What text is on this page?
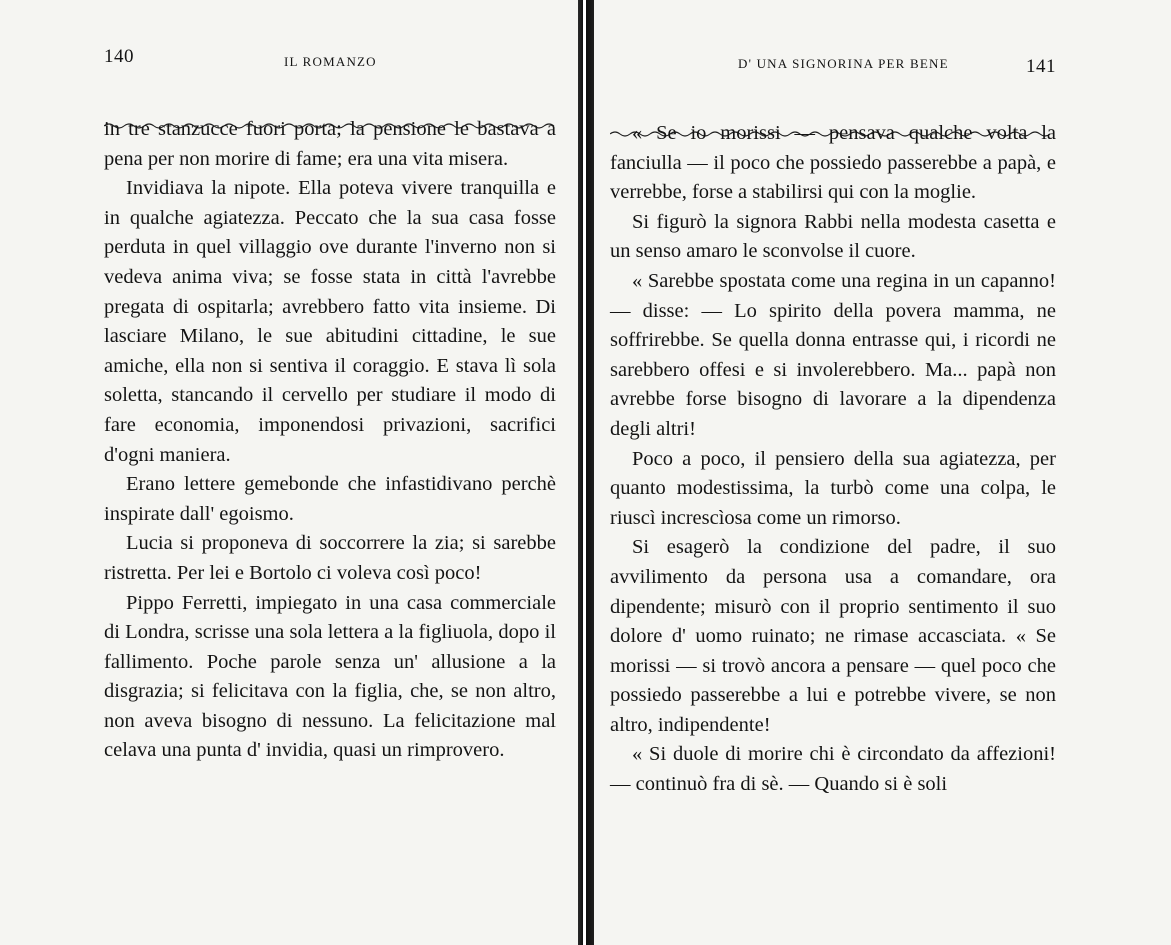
140	IL ROMANZO

in tre stanzucce fuori porta; la pensione le bastava a pena per non morire di fame; era una vita misera.

Invidiava la nipote. Ella poteva vivere tranquilla e in qualche agiatezza. Peccato che la sua casa fosse perduta in quel villaggio ove durante l'inverno non si vedeva anima viva; se fosse stata in città l'avrebbe pregata di ospitarla; avrebbero fatto vita insieme. Di lasciare Milano, le sue abitudini cittadine, le sue amiche, ella non si sentiva il coraggio. E stava lì sola soletta, stancando il cervello per studiare il modo di fare economia, imponendosi privazioni, sacrifici d'ogni maniera.

Erano lettere gemebonde che infastidivano perchè inspirate dall' egoismo.

Lucia si proponeva di soccorrere la zia; si sarebbe ristretta. Per lei e Bortolo ci voleva così poco!

Pippo Ferretti, impiegato in una casa commerciale di Londra, scrisse una sola lettera a la figliuola, dopo il fallimento. Poche parole senza un' allusione a la disgrazia; si felicitava con la figlia, che, se non altro, non aveva bisogno di nessuno. La felicitazione mal celava una punta d' invidia, quasi un rimprovero.

D' UNA SIGNORINA PER BENE	141

« Se io morissi — pensava qualche volta la fanciulla — il poco che possiedo passerebbe a papà, e verrebbe, forse a stabilirsi qui con la moglie.

Si figurò la signora Rabbi nella modesta casetta e un senso amaro le sconvolse il cuore.

« Sarebbe spostata come una regina in un capanno! — disse: — Lo spirito della povera mamma, ne soffrirebbe. Se quella donna entrasse qui, i ricordi ne sarebbero offesi e si involerebbero. Ma... papà non avrebbe forse bisogno di lavorare a la dipendenza degli altri!

Poco a poco, il pensiero della sua agiatezza, per quanto modestissima, la turbò come una colpa, le riuscì increscìosa come un rimorso.

Si esagerò la condizione del padre, il suo avvilimento da persona usa a comandare, ora dipendente; misurò con il proprio sentimento il suo dolore d' uomo ruinato; ne rimase accasciata. « Se morissi — si trovò ancora a pensare — quel poco che possiedo passerebbe a lui e potrebbe vivere, se non altro, indipendente!

« Si duole di morire chi è circondato da affezioni! — continuò fra di sè. — Quando si è soli
